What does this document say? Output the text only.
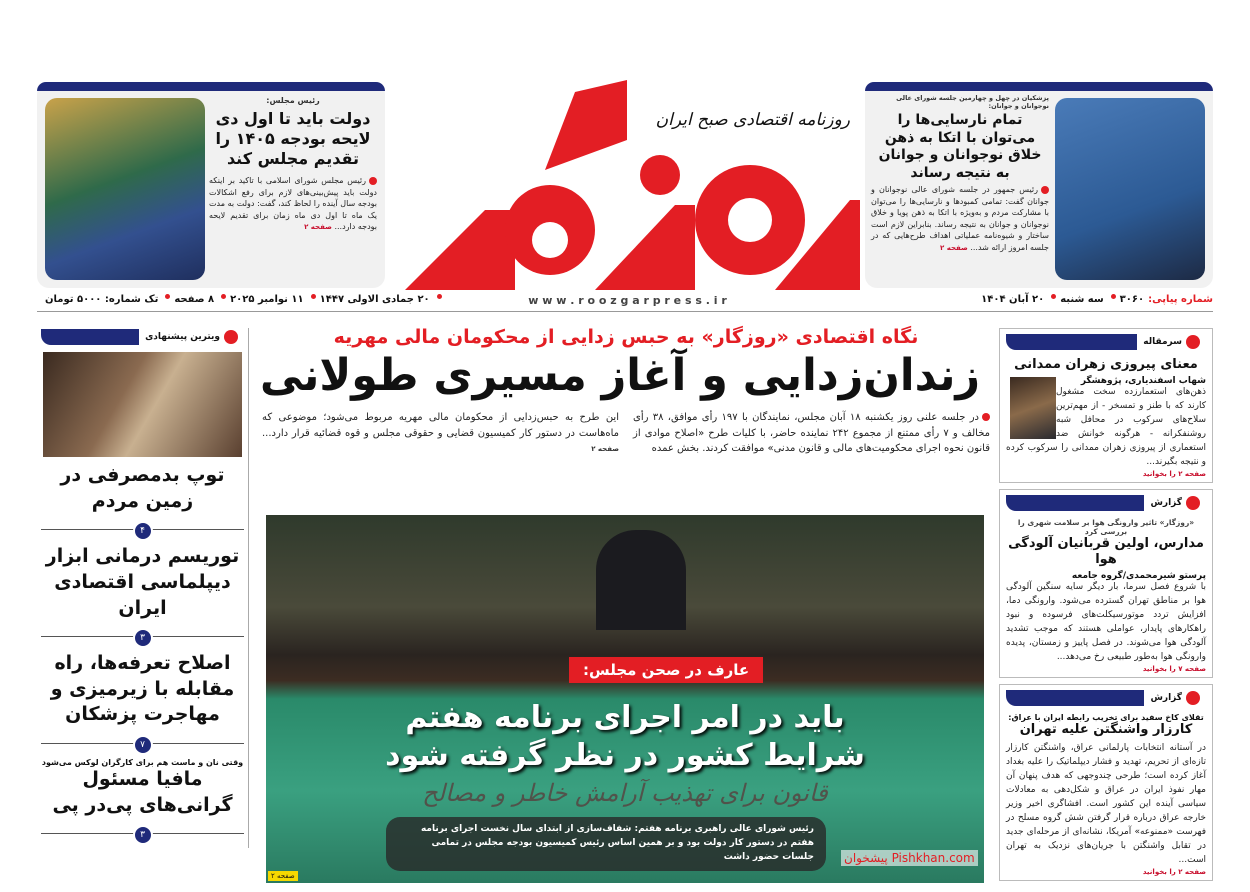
پزشکیان در چهل و چهارمین جلسه شورای عالی نوجوانان و جوانان:
تمام نارسایی‌ها را می‌توان با اتکا به ذهن خلاق نوجوانان و جوانان به نتیجه رساند
رئیس جمهور در جلسه شورای عالی نوجوانان و جوانان گفت: تمامی کمبودها و نارسایی‌ها را می‌توان با مشارکت مردم و به‌ویژه با اتکا به ذهن پویا و خلاق نوجوانان و جوانان به نتیجه رساند. بنابراین لازم است ساختار و شیوه‌نامه عملیاتی اهداف طرح‌هایی که در جلسه امروز ارائه شد... صفحه ۲
رئیس مجلس:
دولت باید تا اول دی لایحه بودجه ۱۴۰۵ را تقدیم مجلس کند
رئیس مجلس شورای اسلامی با تاکید بر اینکه دولت باید پیش‌بینی‌های لازم برای رفع اشکالات بودجه سال آینده را لحاظ کند، گفت: دولت به مدت یک ماه تا اول دی ماه زمان برای تقدیم لایحه بودجه دارد... صفحه ۲
روزنامه اقتصادی صبح ایران
w w w . r o o z g a r p r e s s . i r	شماره پیاپی:
۳۰۶۰
سه شنبه
۲۰ آبان ۱۴۰۴
۲۰ جمادی الاولی ۱۴۴۷
۱۱ نوامبر ۲۰۲۵
۸ صفحه
تک شماره: ۵۰۰۰ تومان
ویترین پیشنهادی
توپ بدمصرفی در زمین مردم
۴
توریسم درمانی ابزار دیپلماسی اقتصادی ایران
۳
اصلاح تعرفه‌ها، راه مقابله با زیرمیزی و مهاجرت پزشکان
۷
وقتی نان و ماست هم برای کارگران لوکس می‌شود
مافیا مسئول گرانی‌های پی‌در پی
۳
نگاه اقتصادی «روزگار» به حبس زدایی از محکومان مالی مهریه
زندان‌زدایی و آغاز مسیری طولانی
در جلسه علنی روز یکشنبه ۱۸ آبان مجلس، نمایندگان با ۱۹۷ رأی موافق، ۳۸ رأی مخالف و ۷ رأی ممتنع از مجموع ۲۴۲ نماینده حاضر، با کلیات طرح «اصلاح موادی از قانون نحوه اجرای محکومیت‌های مالی و قانون مدنی» موافقت کردند. بخش عمده
این طرح به حبس‌زدایی از محکومان مالی مهریه مربوط می‌شود؛ موضوعی که ماه‌هاست در دستور کار کمیسیون قضایی و حقوقی مجلس و قوه قضائیه قرار دارد... صفحه ۲
عارف در صحن مجلس:
باید در امر اجرای برنامه هفتم
شرایط کشور در نظر گرفته شود
قانون برای تهذیب آرامش خاطر و مصالح
رئیس شورای عالی راهبری برنامه هفتم: شفاف‌سازی از ابتدای سال نخست اجرای برنامه هفتم در دستور کار دولت بود و بر همین اساس رئیس کمیسیون بودجه مجلس در تمامی جلسات حضور داشت
صفحه ۲
پیشخوان Pishkhan.com
سرمقاله
معنای پیروزی زهران ممدانی
شهاب اسفندیاری، پژوهشگر
ذهن‌های استعمارزده سخت مشغول کارند که با طنز و تمسخر - از مهم‌ترین سلاح‌های سرکوب در محافل شبه روشنفکرانه - هرگونه خوانش ضد استعماری از پیروزی زهران ممدانی را سرکوب کرده و نتیجه بگیرند...
صفحه ۲ را بخوانید
گزارش
«روزگار» تاثیر وارونگی هوا بر سلامت شهری را بررسی کرد
مدارس، اولین قربانیان آلودگی هوا
پرستو شیرمحمدی/گروه جامعه
با شروع فصل سرما، بار دیگر سایه سنگین آلودگی هوا بر مناطق تهران گسترده می‌شود. وارونگی دما، افزایش تردد موتورسیکلت‌های فرسوده و نبود راهکارهای پایدار، عواملی هستند که موجب تشدید آلودگی هوا می‌شوند. در فصل پاییز و زمستان، پدیده وارونگی هوا به‌طور طبیعی رخ می‌دهد...
صفحه ۷ را بخوانید
گزارش
تقلای کاخ سفید برای تخریب رابطه ایران با عراق:
کارزار واشنگتن علیه تهران
در آستانه انتخابات پارلمانی عراق، واشنگتن کارزار تازه‌ای از تحریم، تهدید و فشار دیپلماتیک را علیه بغداد آغاز کرده است؛ طرحی چندوجهی که هدف پنهان آن مهار نفوذ ایران در عراق و شکل‌دهی به معادلات سیاسی آینده این کشور است. افشاگری اخیر وزیر خارجه عراق درباره قرار گرفتن شش گروه مسلح در فهرست «ممنوعه» آمریکا، نشانه‌ای از مرحله‌ای جدید در تقابل واشنگتن با جریان‌های نزدیک به تهران است...
صفحه ۲ را بخوانید
